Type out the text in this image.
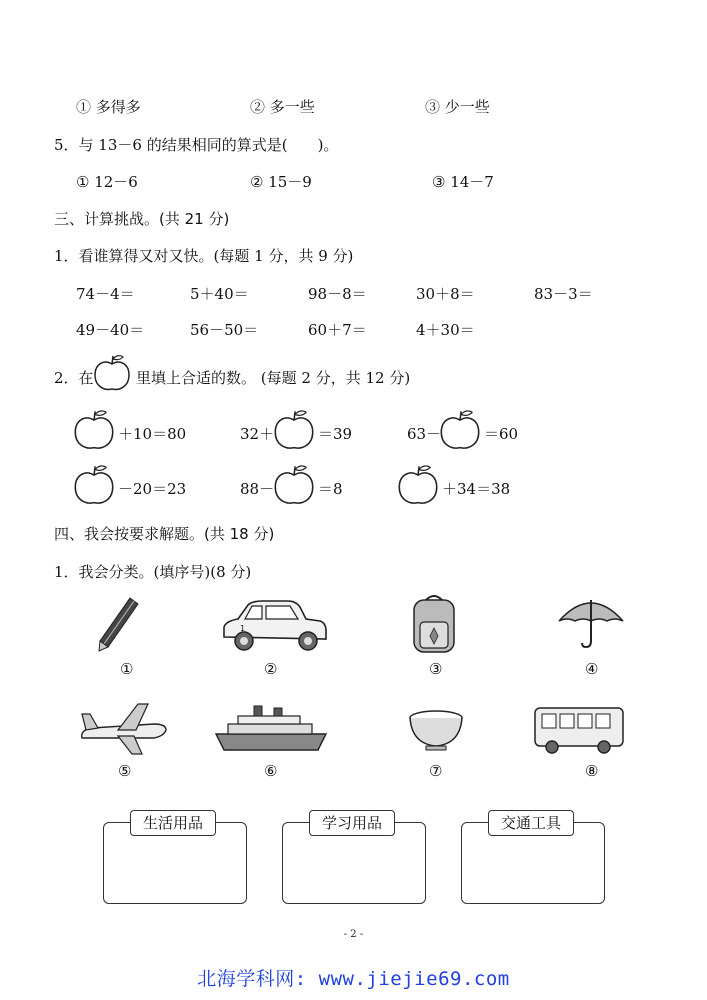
① 多得多	② 多一些	③ 少一些
5．与 13－6 的结果相同的算式是(　　)。
① 12－6	② 15－9	③ 14－7
三、计算挑战。(共 21 分)
1．看谁算得又对又快。(每题 1 分，共 9 分)
74－4＝	5＋40＝	98－8＝	30＋8＝	83－3＝
49－40＝	56－50＝	60＋7＝	4＋30＝
2．在	里填上合适的数。 (每题 2 分，共 12 分)
＋10＝80	32＋	＝39	63－	＝60
－20＝23	88－	＝8	＋34＝38
四、我会按要求解题。(共 18 分)
1．我会分类。(填序号)(8 分)
①
1
②	③	④
⑤	⑥	⑦	⑧
生活用品	学习用品	交通工具
- 2 -
北海学科网: www.jiejie69.com
